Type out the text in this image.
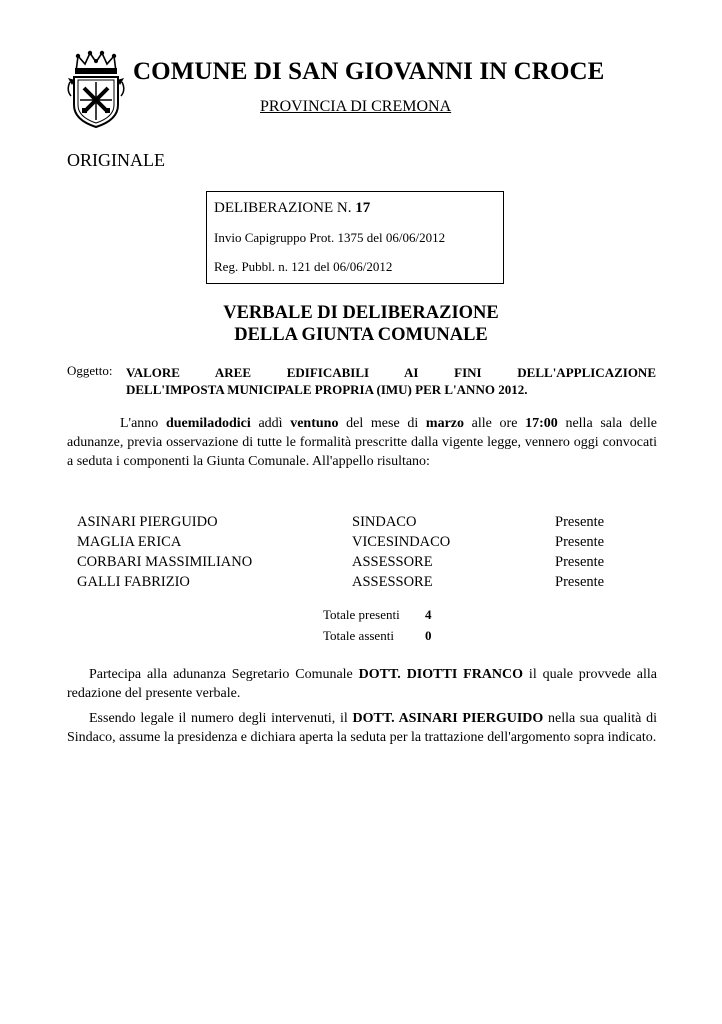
COMUNE DI SAN GIOVANNI IN CROCE
PROVINCIA DI CREMONA
ORIGINALE
DELIBERAZIONE N. 17
Invio Capigruppo Prot. 1375 del 06/06/2012
Reg. Pubbl. n. 121 del 06/06/2012
VERBALE DI DELIBERAZIONE
DELLA GIUNTA COMUNALE
Oggetto: VALORE AREE EDIFICABILI AI FINI DELL'APPLICAZIONE
DELL'IMPOSTA MUNICIPALE PROPRIA (IMU) PER L'ANNO 2012.
L'anno duemiladodici addì ventuno del mese di marzo alle ore 17:00 nella sala delle adunanze, previa osservazione di tutte le formalità prescritte dalla vigente legge, vennero oggi convocati a seduta i componenti la Giunta Comunale. All'appello risultano:
ASINARI PIERGUIDO	SINDACO	Presente
MAGLIA ERICA	VICESINDACO	Presente
CORBARI MASSIMILIANO	ASSESSORE	Presente
GALLI FABRIZIO	ASSESSORE	Presente
Totale presenti 4
Totale assenti 0
Partecipa alla adunanza Segretario Comunale DOTT. DIOTTI FRANCO il quale provvede alla redazione del presente verbale.
Essendo legale il numero degli intervenuti, il DOTT. ASINARI PIERGUIDO nella sua qualità di Sindaco, assume la presidenza e dichiara aperta la seduta per la trattazione dell'argomento sopra indicato.
